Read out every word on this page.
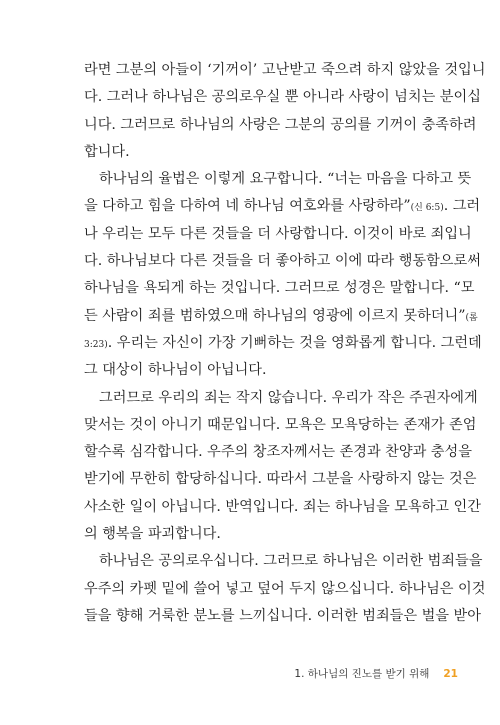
라면 그분의 아들이 ‘기꺼이’ 고난받고 죽으려 하지 않았을 것입니
다. 그러나 하나님은 공의로우실 뿐 아니라 사랑이 넘치는 분이십
니다. 그러므로 하나님의 사랑은 그분의 공의를 기꺼이 충족하려
합니다.
하나님의 율법은 이렇게 요구합니다. “너는 마음을 다하고 뜻
을 다하고 힘을 다하여 네 하나님 여호와를 사랑하라”(신 6:5). 그러
나 우리는 모두 다른 것들을 더 사랑합니다. 이것이 바로 죄입니
다. 하나님보다 다른 것들을 더 좋아하고 이에 따라 행동함으로써
하나님을 욕되게 하는 것입니다. 그러므로 성경은 말합니다. “모
든 사람이 죄를 범하였으매 하나님의 영광에 이르지 못하더니”(롬
3:23). 우리는 자신이 가장 기뻐하는 것을 영화롭게 합니다. 그런데
그 대상이 하나님이 아닙니다.
그러므로 우리의 죄는 작지 않습니다. 우리가 작은 주권자에게
맞서는 것이 아니기 때문입니다. 모욕은 모욕당하는 존재가 존엄
할수록 심각합니다. 우주의 창조자께서는 존경과 찬양과 충성을
받기에 무한히 합당하십니다. 따라서 그분을 사랑하지 않는 것은
사소한 일이 아닙니다. 반역입니다. 죄는 하나님을 모욕하고 인간
의 행복을 파괴합니다.
하나님은 공의로우십니다. 그러므로 하나님은 이러한 범죄들을
우주의 카펫 밑에 쓸어 넣고 덮어 두지 않으십니다. 하나님은 이것
들을 향해 거룩한 분노를 느끼십니다. 이러한 범죄들은 벌을 받아
1. 하나님의 진노를 받기 위해 21
